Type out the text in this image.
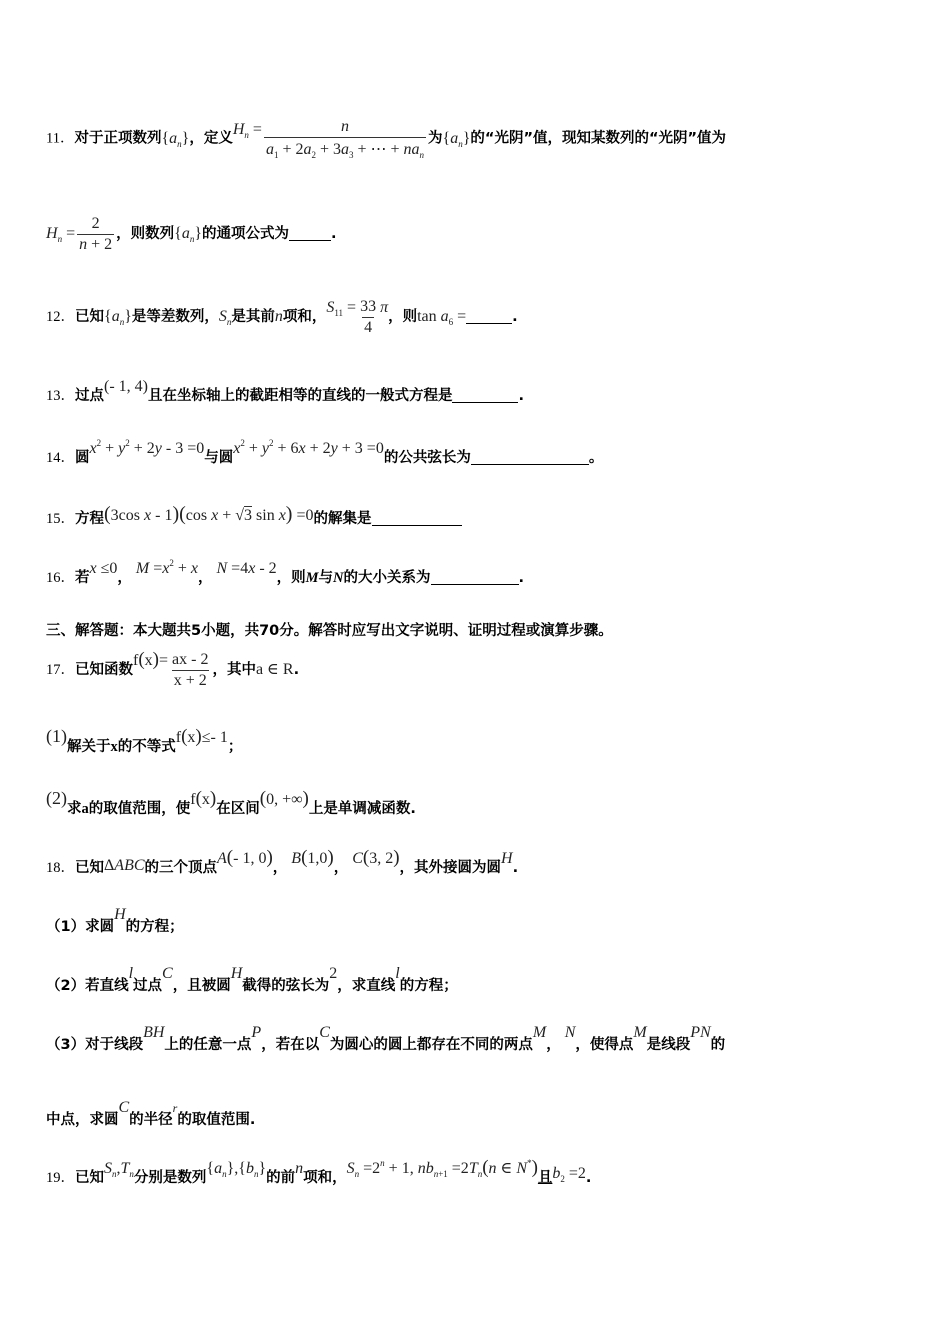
11．对于正项数列$\{a_n\}$，定义$H^n = \frac{n}{a_1 + 2a_2 + 3a_3 + \cdots + na_n}$ 为$\{a_n\}$的“光阴”值，现知某数列的“光阴”值为
$H_n = \frac{2}{n + 2}$ ，则数列$\{a_n\}$的通项公式为	.
12．已知$\{a_n\}$是等差数列，$S_n$是其前n项和，$S^{11} = \frac{33}{4}$ π，则$\tan a_6$ =	.
13．过点(- 1, 4)且在坐标轴上的截距相等的直线的一般式方程是	.
14．圆$x^2 + y^2 + 2y - 3 =0$与圆$x^2 + y^2 + 6x + 2y + 3 =0$的公共弦长为	。
15．方程(3cos x - 1)(cos x + √3 sin x) =0的解集是
16．若x ≤0， $M =x^2 + x$， N =4x - 2，则M与N的大小关系为	.
三、解答题：本大题共5小题，共70分。解答时应写出文字说明、证明过程或演算步骤。
17．已知函数$f(x)= \frac{ax - 2}{x + 2}$ ，其中a ∈ R.
(1)解关于x的不等式f(x)≤- 1；
(2)求a的取值范围，使f(x)在区间(0, +∞)上是单调减函数.
18．已知ΔABC的三个顶点A(- 1, 0)， B(1,0)， C(3, 2)，其外接圆为圆H.
（1）求圆H的方程；
（2）若直线l过点C，且被圆H截得的弦长为2，求直线l的方程；
（3）对于线段BH上的任意一点P，若在以C为圆心的圆上都存在不同的两点M， N，使得点M是线段PN的
中点，求圆C的半径$^r$的取值范围.
19．已知$S_n,T_n$分别是数列$\{a_n\},\{b_n\}$的前n项和，$S_n =2^n + 1$, $nb_{n+1} =2T_n(n$ ∈ N*)且$b_2 =2$.
